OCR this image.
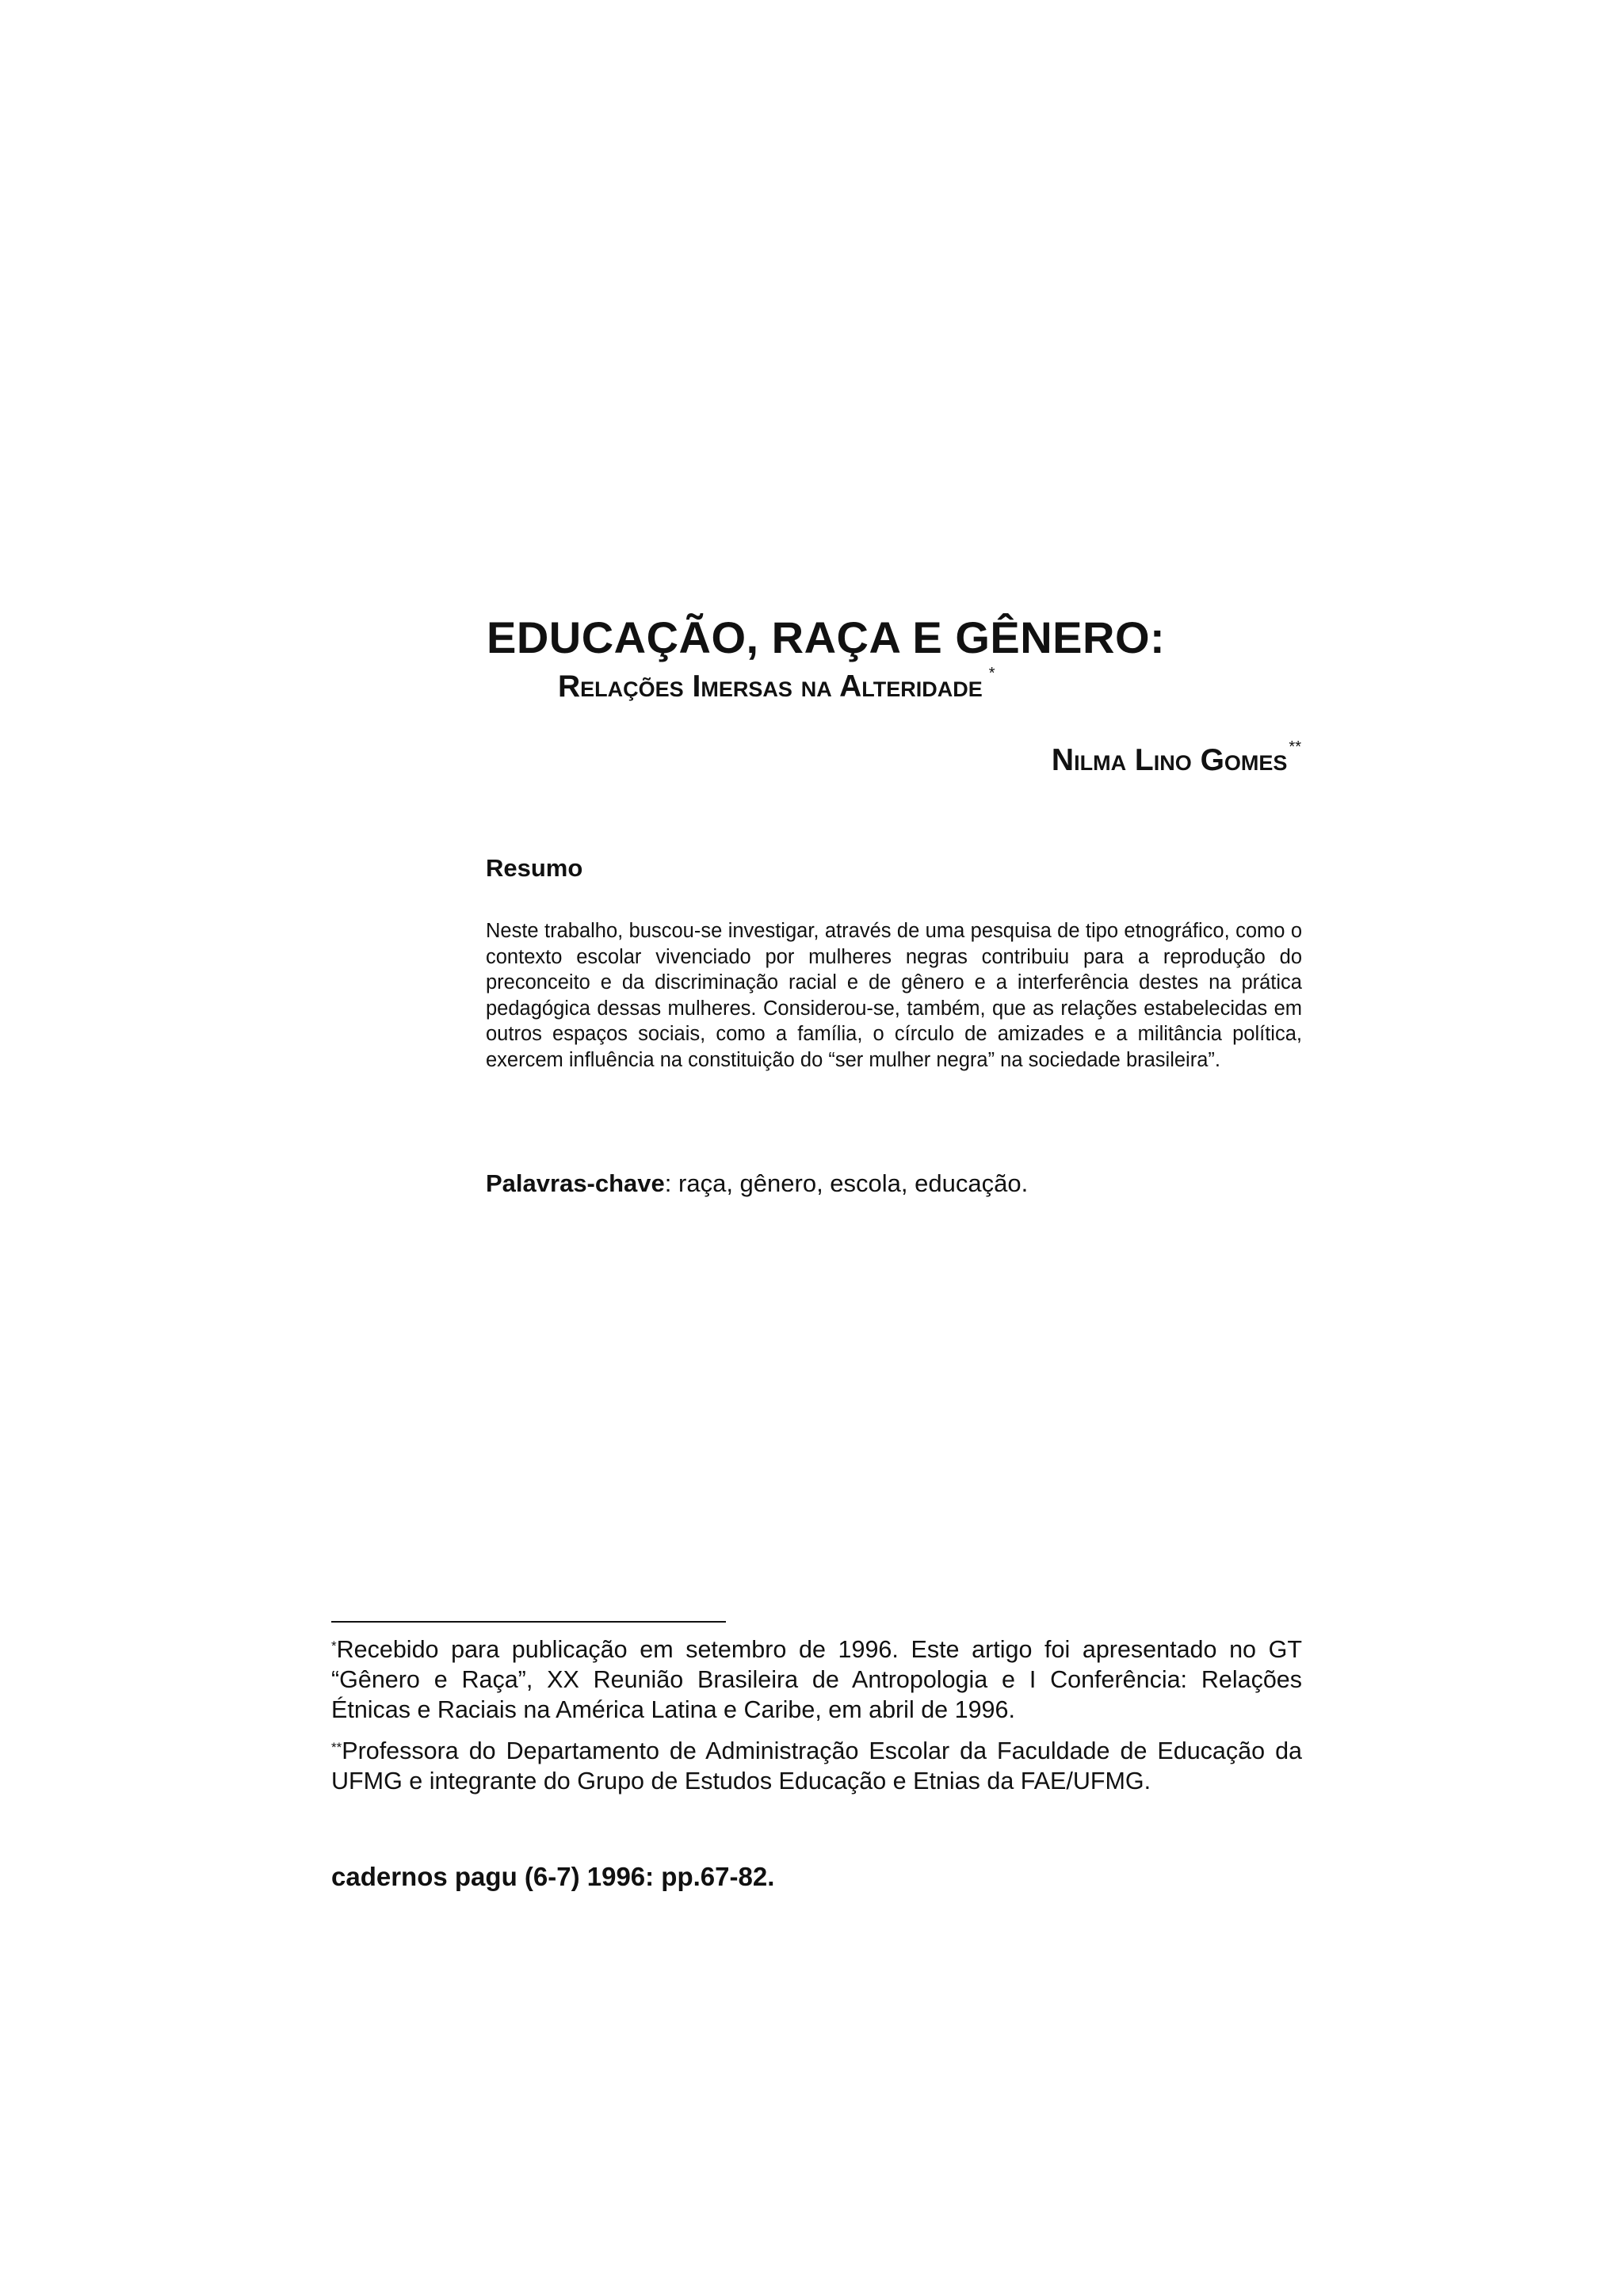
EDUCAÇÃO, RAÇA E GÊNERO:
Relações Imersas na Alteridade *
Nilma Lino Gomes **
Resumo

Neste trabalho, buscou-se investigar, através de uma pesquisa de tipo etnográfico, como o contexto escolar vivenciado por mulheres negras contribuiu para a reprodução do preconceito e da discriminação racial e de gênero e a interferência destes na prática pedagógica dessas mulheres. Considerou-se, também, que as relações estabelecidas em outros espaços sociais, como a família, o círculo de amizades e a militância política, exercem influência na constituição do “ser mulher negra” na sociedade brasileira”.

Palavras-chave: raça, gênero, escola, educação.

*Recebido para publicação em setembro de 1996. Este artigo foi apresentado no GT “Gênero e Raça”, XX Reunião Brasileira de Antropologia e I Conferência: Relações Étnicas e Raciais na América Latina e Caribe, em abril de 1996.

**Professora do Departamento de Administração Escolar da Faculdade de Educação da UFMG e integrante do Grupo de Estudos Educação e Etnias da FAE/UFMG.

cadernos pagu (6-7) 1996: pp.67-82.
